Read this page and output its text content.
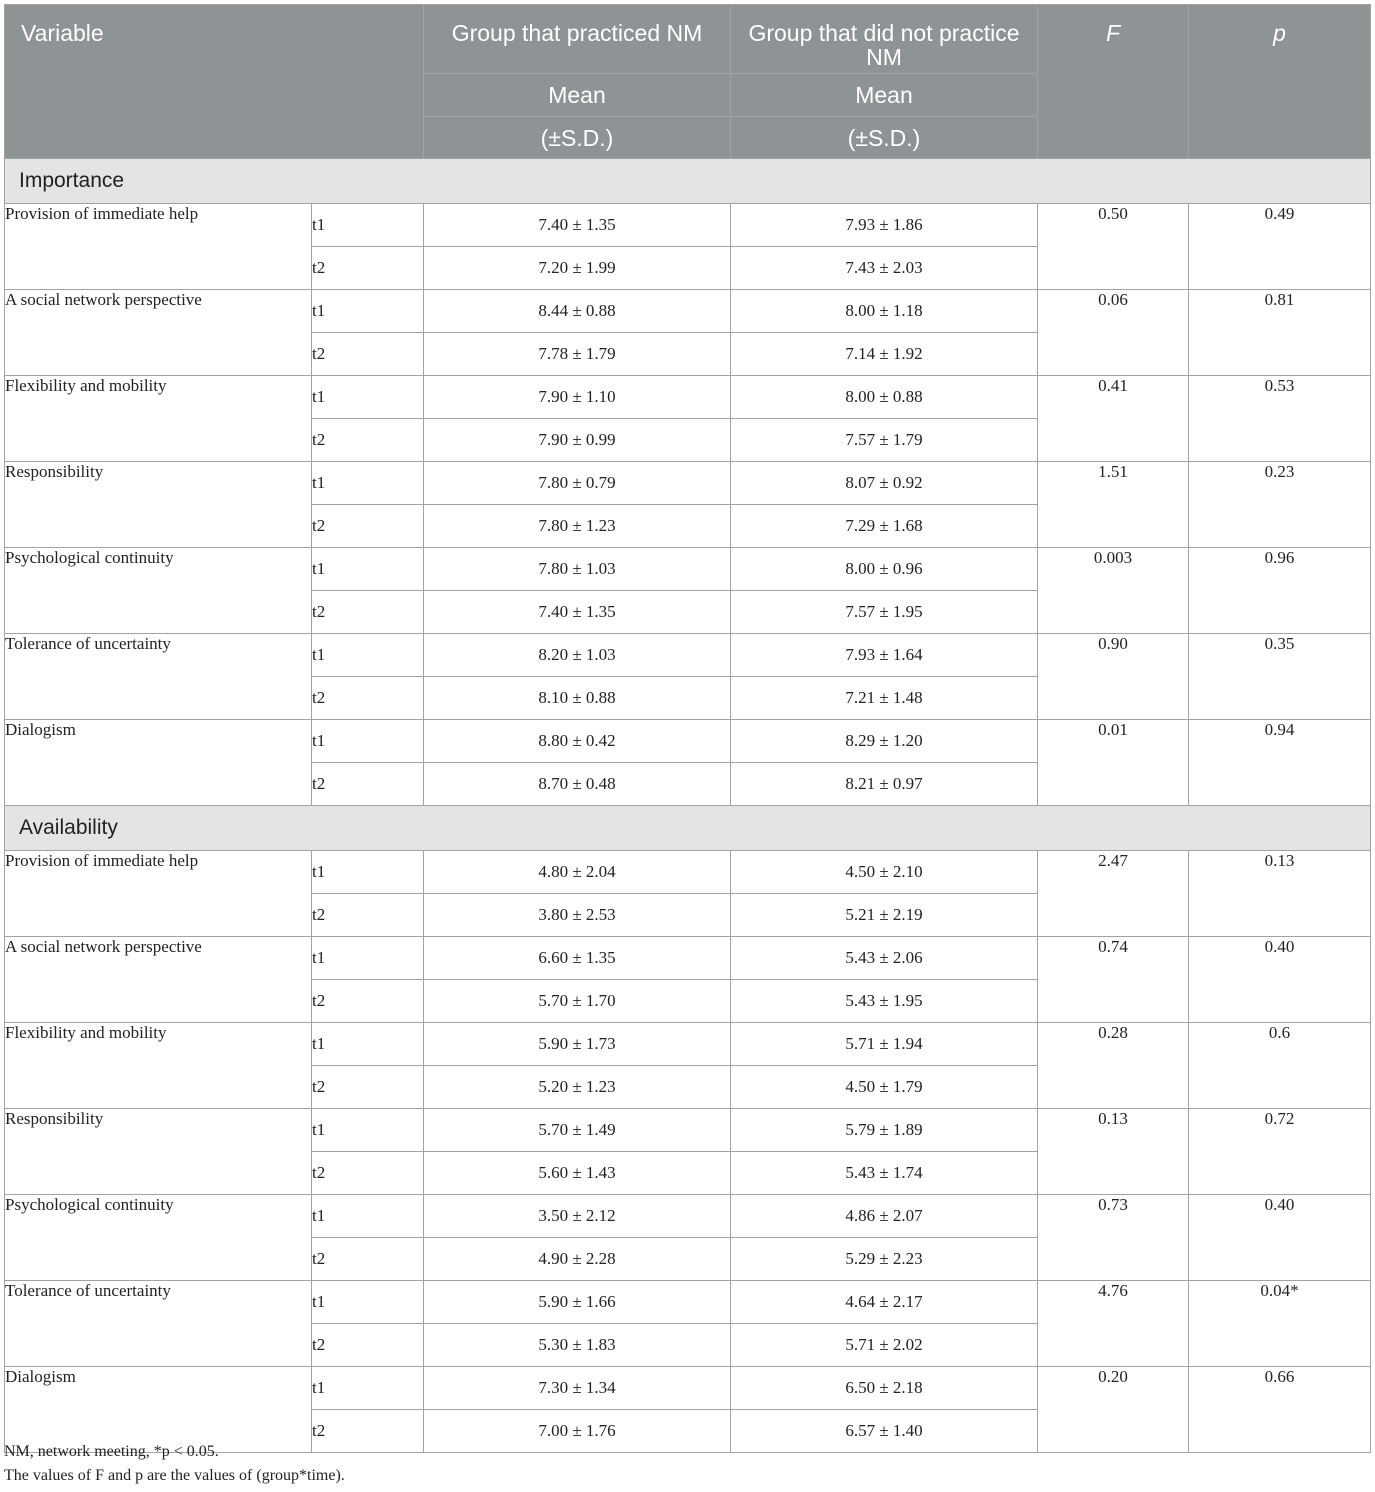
Variable		Group that practiced NM	Group that did not practice NM	F	p
		Mean	Mean		
		(±S.D.)	(±S.D.)		
Importance					
Provision of immediate help	t1	7.40 ± 1.35	7.93 ± 1.86	0.50	0.49
	t2	7.20 ± 1.99	7.43 ± 2.03		
A social network perspective	t1	8.44 ± 0.88	8.00 ± 1.18	0.06	0.81
	t2	7.78 ± 1.79	7.14 ± 1.92		
Flexibility and mobility	t1	7.90 ± 1.10	8.00 ± 0.88	0.41	0.53
	t2	7.90 ± 0.99	7.57 ± 1.79		
Responsibility	t1	7.80 ± 0.79	8.07 ± 0.92	1.51	0.23
	t2	7.80 ± 1.23	7.29 ± 1.68		
Psychological continuity	t1	7.80 ± 1.03	8.00 ± 0.96	0.003	0.96
	t2	7.40 ± 1.35	7.57 ± 1.95		
Tolerance of uncertainty	t1	8.20 ± 1.03	7.93 ± 1.64	0.90	0.35
	t2	8.10 ± 0.88	7.21 ± 1.48		
Dialogism	t1	8.80 ± 0.42	8.29 ± 1.20	0.01	0.94
	t2	8.70 ± 0.48	8.21 ± 0.97		
Availability					
Provision of immediate help	t1	4.80 ± 2.04	4.50 ± 2.10	2.47	0.13
	t2	3.80 ± 2.53	5.21 ± 2.19		
A social network perspective	t1	6.60 ± 1.35	5.43 ± 2.06	0.74	0.40
	t2	5.70 ± 1.70	5.43 ± 1.95		
Flexibility and mobility	t1	5.90 ± 1.73	5.71 ± 1.94	0.28	0.6
	t2	5.20 ± 1.23	4.50 ± 1.79		
Responsibility	t1	5.70 ± 1.49	5.79 ± 1.89	0.13	0.72
	t2	5.60 ± 1.43	5.43 ± 1.74		
Psychological continuity	t1	3.50 ± 2.12	4.86 ± 2.07	0.73	0.40
	t2	4.90 ± 2.28	5.29 ± 2.23		
Tolerance of uncertainty	t1	5.90 ± 1.66	4.64 ± 2.17	4.76	0.04*
	t2	5.30 ± 1.83	5.71 ± 2.02		
Dialogism	t1	7.30 ± 1.34	6.50 ± 2.18	0.20	0.66
	t2	7.00 ± 1.76	6.57 ± 1.40		
NM, network meeting, *p < 0.05.
The values of F and p are the values of (group*time).
